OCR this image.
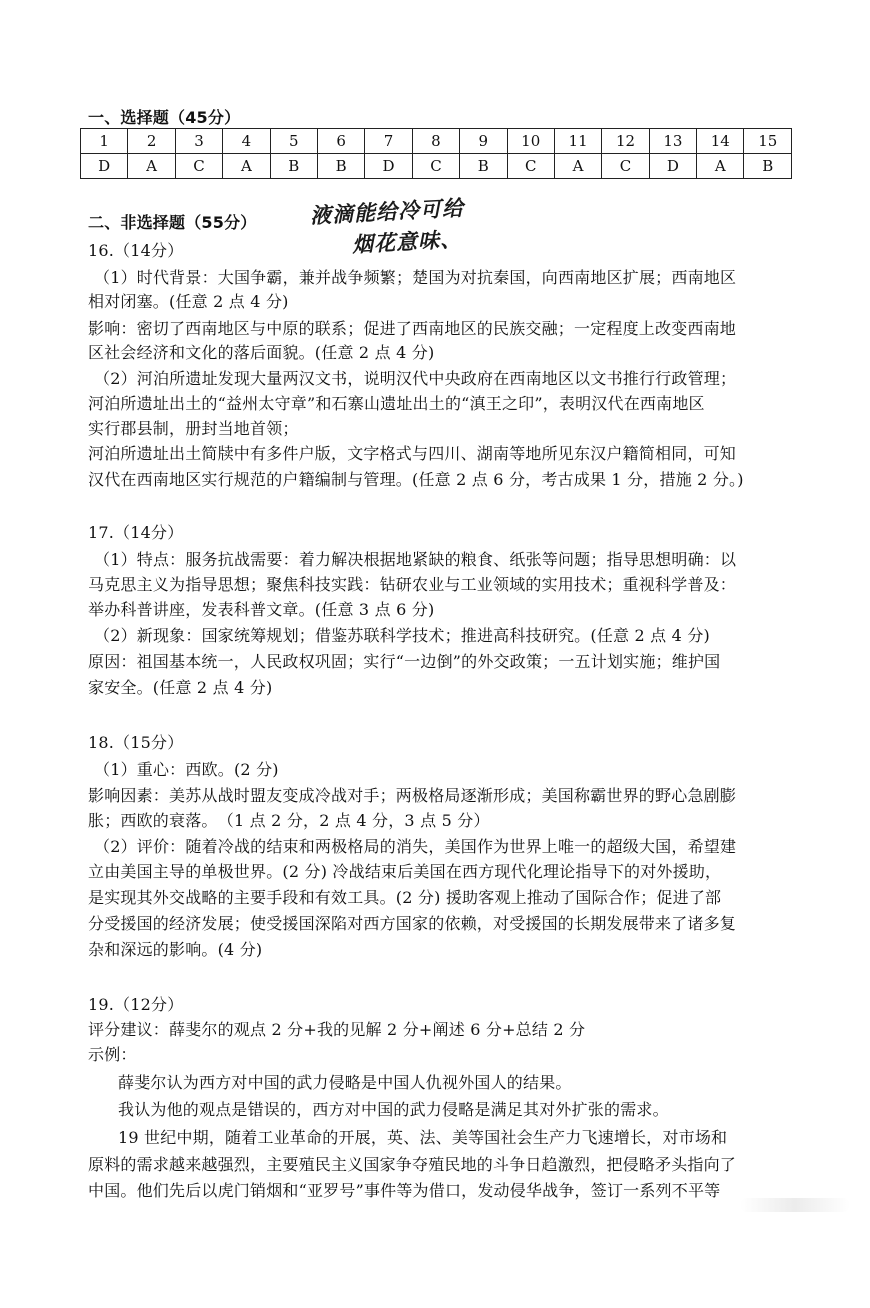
一、选择题（45分）
1	2	3	4	5	6	7	8	9	10	11	12	13	14	15
D	A	C	A	B	B	D	C	B	C	A	C	D	A	B
二、非选择题（55分）	液滴能给冷可给
烟花意味、
16.（14分）
（1）时代背景：大国争霸，兼并战争频繁；楚国为对抗秦国，向西南地区扩展；西南地区
相对闭塞。(任意 2 点 4 分)
影响：密切了西南地区与中原的联系；促进了西南地区的民族交融；一定程度上改变西南地
区社会经济和文化的落后面貌。(任意 2 点 4 分)
（2）河泊所遗址发现大量两汉文书，说明汉代中央政府在西南地区以文书推行行政管理；
河泊所遗址出土的“益州太守章”和石寨山遗址出土的“滇王之印”，表明汉代在西南地区
实行郡县制，册封当地首领；
河泊所遗址出土简牍中有多件户版，文字格式与四川、湖南等地所见东汉户籍简相同，可知
汉代在西南地区实行规范的户籍编制与管理。(任意 2 点 6 分，考古成果 1 分，措施 2 分。)
17.（14分）
（1）特点：服务抗战需要：着力解决根据地紧缺的粮食、纸张等问题；指导思想明确：以
马克思主义为指导思想；聚焦科技实践：钻研农业与工业领域的实用技术；重视科学普及：
举办科普讲座，发表科普文章。(任意 3 点 6 分)
（2）新现象：国家统筹规划；借鉴苏联科学技术；推进高科技研究。(任意 2 点 4 分)
原因：祖国基本统一，人民政权巩固；实行“一边倒”的外交政策；一五计划实施；维护国
家安全。(任意 2 点 4 分)
18.（15分）
（1）重心：西欧。(2 分)
影响因素：美苏从战时盟友变成冷战对手；两极格局逐渐形成；美国称霸世界的野心急剧膨
胀；西欧的衰落。　（1 点 2 分，2 点 4 分，3 点 5 分）
（2）评价：随着冷战的结束和两极格局的消失，美国作为世界上唯一的超级大国，希望建
立由美国主导的单极世界。(2 分) 冷战结束后美国在西方现代化理论指导下的对外援助，
是实现其外交战略的主要手段和有效工具。(2 分) 援助客观上推动了国际合作；促进了部
分受援国的经济发展；使受援国深陷对西方国家的依赖，对受援国的长期发展带来了诸多复
杂和深远的影响。(4 分)
19.（12分）
评分建议：薛斐尔的观点 2 分+我的见解 2 分+阐述 6 分+总结 2 分
示例：
薛斐尔认为西方对中国的武力侵略是中国人仇视外国人的结果。
我认为他的观点是错误的，西方对中国的武力侵略是满足其对外扩张的需求。
19 世纪中期，随着工业革命的开展，英、法、美等国社会生产力飞速增长，对市场和
原料的需求越来越强烈，主要殖民主义国家争夺殖民地的斗争日趋激烈，把侵略矛头指向了
中国。他们先后以虎门销烟和“亚罗号”事件等为借口，发动侵华战争，签订一系列不平等
